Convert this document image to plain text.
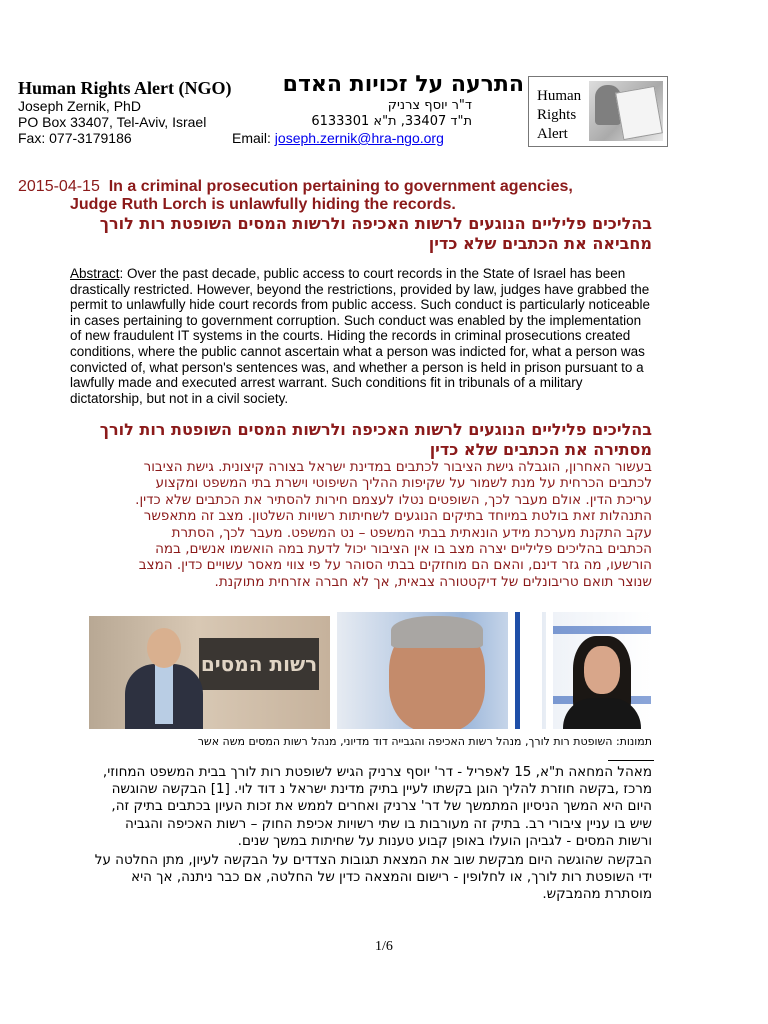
Human Rights Alert (NGO)	התרעה על זכויות האדם
Joseph Zernik, PhD	ד"ר יוסף צרניק
PO Box 33407, Tel-Aviv, Israel	ת"ד 33407, ת"א 6133301
Fax: 077-3179186	Email: joseph.zernik@hra-ngo.org
Human
Rights
Alert
2015-04-15 In a criminal prosecution pertaining to government agencies,
Judge Ruth Lorch is unlawfully hiding the records.
בהליכים פליליים הנוגעים לרשות האכיפה ולרשות המסים השופטת רות לורך
מחביאה את הכתבים שלא כדין
Abstract: Over the past decade, public access to court records in the State of Israel has been drastically restricted. However, beyond the restrictions, provided by law, judges have grabbed the permit to unlawfully hide court records from public access. Such conduct is particularly noticeable in cases pertaining to government corruption. Such conduct was enabled by the implementation of new fraudulent IT systems in the courts. Hiding the records in criminal prosecutions created conditions, where the public cannot ascertain what a person was indicted for, what a person was convicted of, what person's sentences was, and whether a person is held in prison pursuant to a lawfully made and executed arrest warrant. Such conditions fit in tribunals of a military dictatorship, but not in a civil society.
בהליכים פליליים הנוגעים לרשות האכיפה ולרשות המסים השופטת רות לורך
מסתירה את הכתבים שלא כדין
בעשור האחרון, הוגבלה גישת הציבור לכתבים במדינת ישראל בצורה קיצונית. גישת הציבור
לכתבים הכרחית על מנת לשמור על שקיפות ההליך השיפוטי וישרת בתי המשפט ומקצוע
עריכת הדין. אולם מעבר לכך, השופטים נטלו לעצמם חירות להסתיר את הכתבים שלא כדין.
התנהלות זאת בולטת במיוחד בתיקים הנוגעים לשחיתות רשויות השלטון. מצב זה מתאפשר
עקב התקנת מערכת מידע הונאתית בבתי המשפט – נט המשפט. מעבר לכך, הסתרת
הכתבים בהליכים פליליים יצרה מצב בו אין הציבור יכול לדעת במה הואשמו אנשים, במה
הורשעו, מה גזר דינם, והאם הם מוחזקים בבתי הסוהר על פי צווי מאסר עשויים כדין. המצב
שנוצר תואם טריבונלים של דיקטטורה צבאית, אך לא חברה אזרחית מתוקנת.
רשות המסים
תמונות: השופטת רות לורך, מנהל רשות האכיפה והגבייה דוד מדיוני, מנהל רשות המסים משה אשר
מאהל המחאה ת"א, 15 לאפריל - דר' יוסף צרניק הגיש לשופטת רות לורך בבית המשפט המחוזי,
מרכז ,בקשה חוזרת להליך הוגן בקשתו לעיין בתיק מדינת ישראל נ דוד לוי. [1] הבקשה שהוגשה
היום היא המשך הניסיון המתמשך של דר' צרניק ואחרים לממש את זכות העיון בכתבים בתיק זה,
שיש בו עניין ציבורי רב. בתיק זה מעורבות בו שתי רשויות אכיפת החוק – רשות האכיפה והגביה
ורשות המסים - לגביהן הועלו באופן קבוע טענות על שחיתות במשך שנים.
הבקשה שהוגשה היום מבקשת שוב את המצאת תגובות הצדדים על הבקשה לעיון, מתן החלטה על
ידי השופטת רות לורך, או לחלופין - רישום והמצאה כדין של החלטה, אם כבר ניתנה, אך היא
מוסתרת מהמבקש.
1/6
